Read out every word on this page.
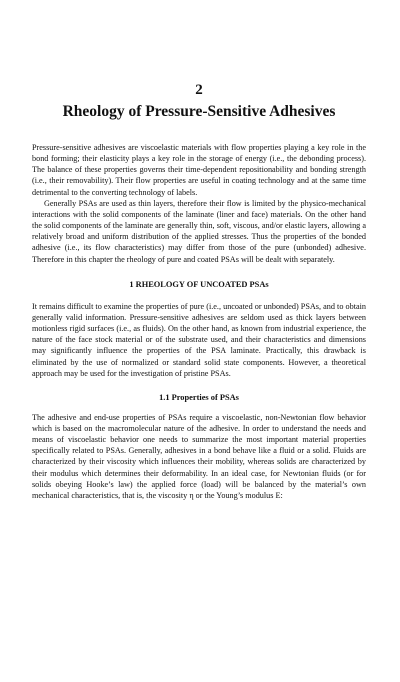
2
Rheology of Pressure-Sensitive Adhesives

Pressure-sensitive adhesives are viscoelastic materials with flow properties playing a key role in the bond forming; their elasticity plays a key role in the storage of energy (i.e., the debonding process). The balance of these properties governs their time-dependent repositionability and bonding strength (i.e., their removability). Their flow properties are useful in coating technology and at the same time detrimental to the converting technology of labels.

Generally PSAs are used as thin layers, therefore their flow is limited by the physico-mechanical interactions with the solid components of the laminate (liner and face) materials. On the other hand the solid components of the laminate are generally thin, soft, viscous, and/or elastic layers, allowing a relatively broad and uniform distribution of the applied stresses. Thus the properties of the bonded adhesive (i.e., its flow characteristics) may differ from those of the pure (unbonded) adhesive. Therefore in this chapter the rheology of pure and coated PSAs will be dealt with separately.

1 RHEOLOGY OF UNCOATED PSAs

It remains difficult to examine the properties of pure (i.e., uncoated or unbonded) PSAs, and to obtain generally valid information. Pressure-sensitive adhesives are seldom used as thick layers between motionless rigid surfaces (i.e., as fluids). On the other hand, as known from industrial experience, the nature of the face stock material or of the substrate used, and their characteristics and dimensions may significantly influence the properties of the PSA laminate. Practically, this drawback is eliminated by the use of normalized or standard solid state components. However, a theoretical approach may be used for the investigation of pristine PSAs.

1.1 Properties of PSAs

The adhesive and end-use properties of PSAs require a viscoelastic, non-Newtonian flow behavior which is based on the macromolecular nature of the adhesive. In order to understand the needs and means of viscoelastic behavior one needs to summarize the most important material properties specifically related to PSAs. Generally, adhesives in a bond behave like a fluid or a solid. Fluids are characterized by their viscosity which influences their mobility, whereas solids are characterized by their modulus which determines their deformability. In an ideal case, for Newtonian fluids (or for solids obeying Hooke’s law) the applied force (load) will be balanced by the material’s own mechanical characteristics, that is, the viscosity η or the Young’s modulus E:
